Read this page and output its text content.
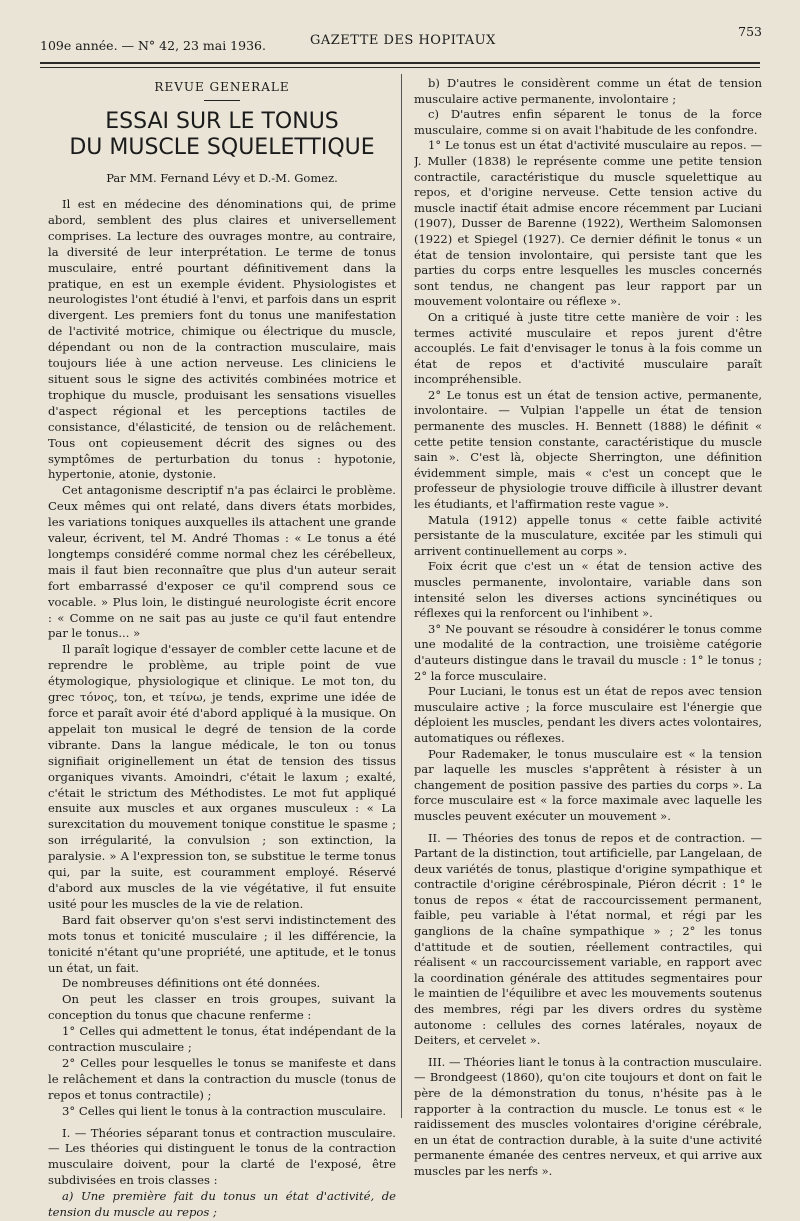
109e année. — N° 42, 23 mai 1936.	GAZETTE DES HOPITAUX
753
REVUE GENERALE
ESSAI SUR LE TONUS
DU MUSCLE SQUELETTIQUE
Par MM. Fernand Lévy et D.-M. Gomez.

Il est en médecine des dénominations qui, de prime abord, semblent des plus claires et universellement comprises. La lecture des ouvrages montre, au contraire, la diversité de leur interprétation. Le terme de tonus musculaire, entré pourtant définitivement dans la pratique, en est un exemple évident. Physiologistes et neurologistes l'ont étudié à l'envi, et parfois dans un esprit divergent. Les premiers font du tonus une manifestation de l'activité motrice, chimique ou électrique du muscle, dépendant ou non de la contraction musculaire, mais toujours liée à une action nerveuse. Les cliniciens le situent sous le signe des activités combinées motrice et trophique du muscle, produisant les sensations visuelles d'aspect régional et les perceptions tactiles de consistance, d'élasticité, de tension ou de relâchement. Tous ont copieusement décrit des signes ou des symptômes de perturbation du tonus : hypotonie, hypertonie, atonie, dystonie.

Cet antagonisme descriptif n'a pas éclairci le problème. Ceux mêmes qui ont relaté, dans divers états morbides, les variations toniques auxquelles ils attachent une grande valeur, écrivent, tel M. André Thomas : « Le tonus a été longtemps considéré comme normal chez les cérébelleux, mais il faut bien reconnaître que plus d'un auteur serait fort embarrassé d'exposer ce qu'il comprend sous ce vocable. » Plus loin, le distingué neurologiste écrit encore : « Comme on ne sait pas au juste ce qu'il faut entendre par le tonus... »

Il paraît logique d'essayer de combler cette lacune et de reprendre le problème, au triple point de vue étymologique, physiologique et clinique. Le mot ton, du grec τόνος, ton, et τείνω, je tends, exprime une idée de force et paraît avoir été d'abord appliqué à la musique. On appelait ton musical le degré de tension de la corde vibrante. Dans la langue médicale, le ton ou tonus signifiait originellement un état de tension des tissus organiques vivants. Amoindri, c'était le laxum ; exalté, c'était le strictum des Méthodistes. Le mot fut appliqué ensuite aux muscles et aux organes musculeux : « La surexcitation du mouvement tonique constitue le spasme ; son irrégularité, la convulsion ; son extinction, la paralysie. » A l'expression ton, se substitue le terme tonus qui, par la suite, est couramment employé. Réservé d'abord aux muscles de la vie végétative, il fut ensuite usité pour les muscles de la vie de relation.

Bard fait observer qu'on s'est servi indistinctement des mots tonus et tonicité musculaire ; il les différencie, la tonicité n'étant qu'une propriété, une aptitude, et le tonus un état, un fait.

De nombreuses définitions ont été données.

On peut les classer en trois groupes, suivant la conception du tonus que chacune renferme :

1° Celles qui admettent le tonus, état indépendant de la contraction musculaire ;

2° Celles pour lesquelles le tonus se manifeste et dans le relâchement et dans la contraction du muscle (tonus de repos et tonus contractile) ;

3° Celles qui lient le tonus à la contraction musculaire.

I. — Théories séparant tonus et contraction musculaire. — Les théories qui distinguent le tonus de la contraction musculaire doivent, pour la clarté de l'exposé, être subdivisées en trois classes :

a) Une première fait du tonus un état d'activité, de tension du muscle au repos ;

b) D'autres le considèrent comme un état de tension musculaire active permanente, involontaire ;

c) D'autres enfin séparent le tonus de la force musculaire, comme si on avait l'habitude de les confondre.

1° Le tonus est un état d'activité musculaire au repos. — J. Muller (1838) le représente comme une petite tension contractile, caractéristique du muscle squelettique au repos, et d'origine nerveuse. Cette tension active du muscle inactif était admise encore récemment par Luciani (1907), Dusser de Barenne (1922), Wertheim Salomonsen (1922) et Spiegel (1927). Ce dernier définit le tonus « un état de tension involontaire, qui persiste tant que les parties du corps entre lesquelles les muscles concernés sont tendus, ne changent pas leur rapport par un mouvement volontaire ou réflexe ».

On a critiqué à juste titre cette manière de voir : les termes activité musculaire et repos jurent d'être accouplés. Le fait d'envisager le tonus à la fois comme un état de repos et d'activité musculaire paraît incompréhensible.

2° Le tonus est un état de tension active, permanente, involontaire. — Vulpian l'appelle un état de tension permanente des muscles. H. Bennett (1888) le définit « cette petite tension constante, caractéristique du muscle sain ». C'est là, objecte Sherrington, une définition évidemment simple, mais « c'est un concept que le professeur de physiologie trouve difficile à illustrer devant les étudiants, et l'affirmation reste vague ».

Matula (1912) appelle tonus « cette faible activité persistante de la musculature, excitée par les stimuli qui arrivent continuellement au corps ».

Foix écrit que c'est un « état de tension active des muscles permanente, involontaire, variable dans son intensité selon les diverses actions syncinétiques ou réflexes qui la renforcent ou l'inhibent ».

3° Ne pouvant se résoudre à considérer le tonus comme une modalité de la contraction, une troisième catégorie d'auteurs distingue dans le travail du muscle : 1° le tonus ; 2° la force musculaire.

Pour Luciani, le tonus est un état de repos avec tension musculaire active ; la force musculaire est l'énergie que déploient les muscles, pendant les divers actes volontaires, automatiques ou réflexes.

Pour Rademaker, le tonus musculaire est « la tension par laquelle les muscles s'apprêtent à résister à un changement de position passive des parties du corps ». La force musculaire est « la force maximale avec laquelle les muscles peuvent exécuter un mouvement ».

II. — Théories des tonus de repos et de contraction. — Partant de la distinction, tout artificielle, par Langelaan, de deux variétés de tonus, plastique d'origine sympathique et contractile d'origine cérébrospinale, Piéron décrit : 1° le tonus de repos « état de raccourcissement permanent, faible, peu variable à l'état normal, et régi par les ganglions de la chaîne sympathique » ; 2° les tonus d'attitude et de soutien, réellement contractiles, qui réalisent « un raccourcissement variable, en rapport avec la coordination générale des attitudes segmentaires pour le maintien de l'équilibre et avec les mouvements soutenus des membres, régi par les divers ordres du système autonome : cellules des cornes latérales, noyaux de Deiters, et cervelet ».

III. — Théories liant le tonus à la contraction musculaire. — Brondgeest (1860), qu'on cite toujours et dont on fait le père de la démonstration du tonus, n'hésite pas à le rapporter à la contraction du muscle. Le tonus est « le raidissement des muscles volontaires d'origine cérébrale, en un état de contraction durable, à la suite d'une activité permanente émanée des centres nerveux, et qui arrive aux muscles par les nerfs ».
